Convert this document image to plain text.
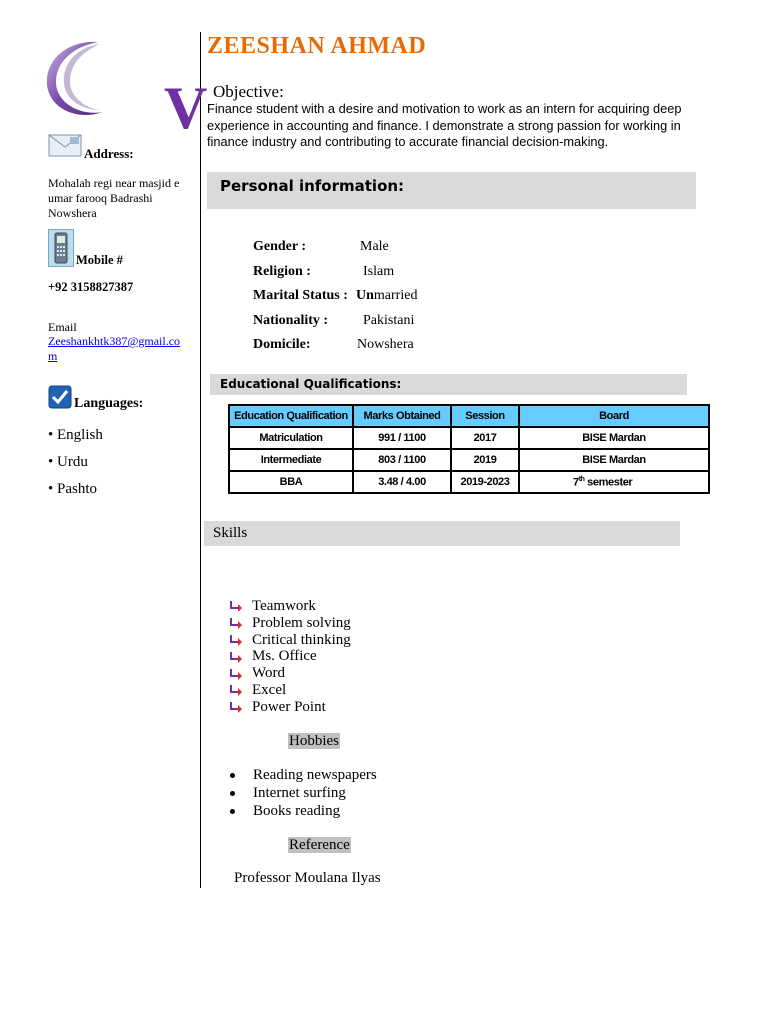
Address:
Mohalah regi near masjid e
umar farooq Badrashi
Nowshera
Mobile #
+92 3158827387
Email
Zeeshankhtk387@gmail.co
m
Languages:
• English
• Urdu
• Pashto
ZEESHAN AHMAD
V Objective:
Finance student with a desire and motivation to work as an intern for acquiring deep
experience in accounting and finance. I demonstrate a strong passion for working in
finance industry and contributing to accurate financial decision-making.
Personal information:
Gender :	Male
Religion :	Islam
Marital Status : Un married
Nationality :	Pakistani
Domicile:	Nowshera
Educational Qualifications:
Education Qualification	Marks Obtained	Session	Board
Matriculation	991 / 1100	2017	BISE Mardan
Intermediate	803 / 1100	2019	BISE Mardan
BBA	3.48 / 4.00	2019-2023	7th semester
Skills
Teamwork
Problem solving
Critical thinking
Ms. Office
Word
Excel
Power Point
Hobbies
Reading newspapers
Internet surfing
Books reading
Reference
Professor Moulana Ilyas
